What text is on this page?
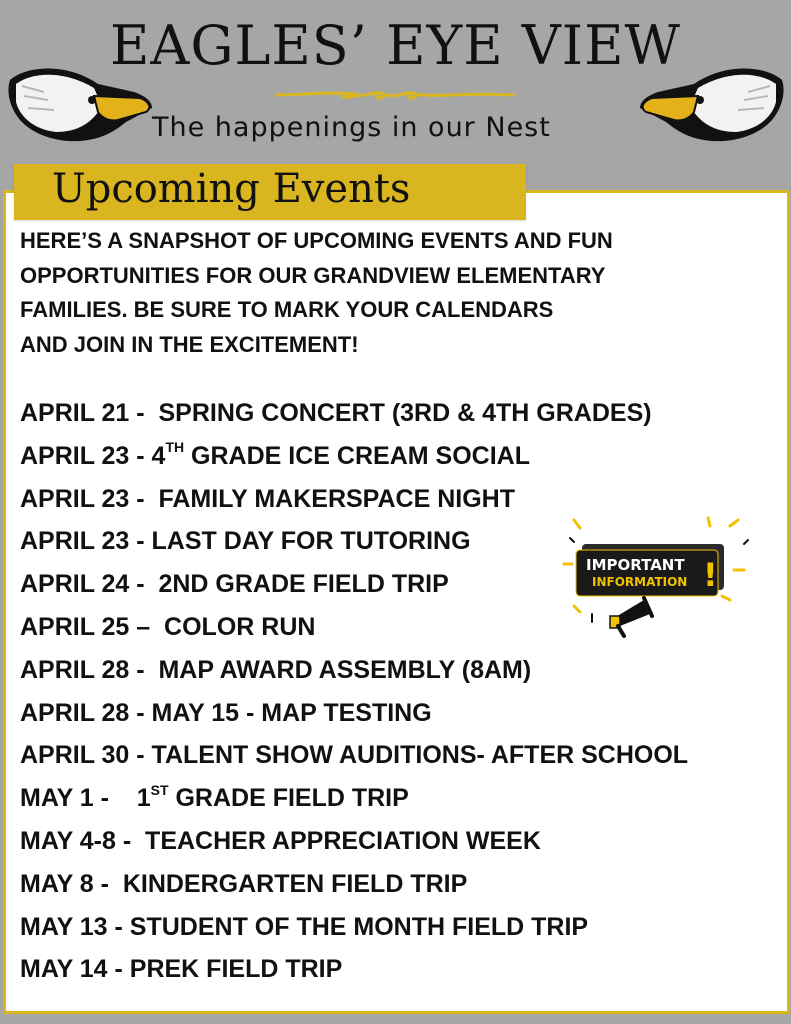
EAGLES’ EYE VIEW
The happenings in our Nest
Upcoming Events
HERE’S A SNAPSHOT OF UPCOMING EVENTS AND FUN
OPPORTUNITIES FOR OUR GRANDVIEW ELEMENTARY
FAMILIES. BE SURE TO MARK YOUR CALENDARS
AND JOIN IN THE EXCITEMENT!
APRIL 21 -  SPRING CONCERT (3RD & 4TH GRADES)
APRIL 23 - 4TH GRADE ICE CREAM SOCIAL
APRIL 23 -  FAMILY MAKERSPACE NIGHT
APRIL 23 - LAST DAY FOR TUTORING
APRIL 24 -  2ND GRADE FIELD TRIP
APRIL 25 –  COLOR RUN
APRIL 28 -  MAP AWARD ASSEMBLY (8AM)
APRIL 28 - MAY 15 - MAP TESTING
APRIL 30 - TALENT SHOW AUDITIONS- AFTER SCHOOL
MAY 1 -    1ST GRADE FIELD TRIP
MAY 4-8 -  TEACHER APPRECIATION WEEK
MAY 8 -  KINDERGARTEN FIELD TRIP
MAY 13 - STUDENT OF THE MONTH FIELD TRIP
MAY 14 - PREK FIELD TRIP
IMPORTANT
INFORMATION !
